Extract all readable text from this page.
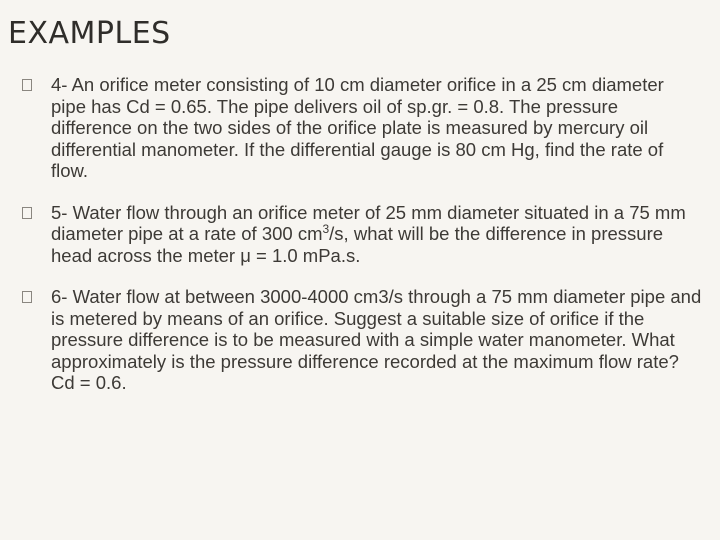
EXAMPLES
4- An orifice meter consisting of 10 cm diameter orifice in a 25 cm diameter pipe has Cd = 0.65. The pipe delivers oil of sp.gr. = 0.8. The pressure difference on the two sides of the orifice plate is measured by mercury oil differential manometer. If the differential gauge is 80 cm Hg, find the rate of flow.
5- Water flow through an orifice meter of 25 mm diameter situated in a 75 mm diameter pipe at a rate of 300 $cm^3/s$, what will be the difference in pressure head across the meter μ = 1.0 mPa.s.
6- Water flow at between 3000-4000 cm3/s through a 75 mm diameter pipe and is metered by means of an orifice. Suggest a suitable size of orifice if the pressure difference is to be measured with a simple water manometer. What approximately is the pressure difference recorded at the maximum flow rate? Cd = 0.6.
